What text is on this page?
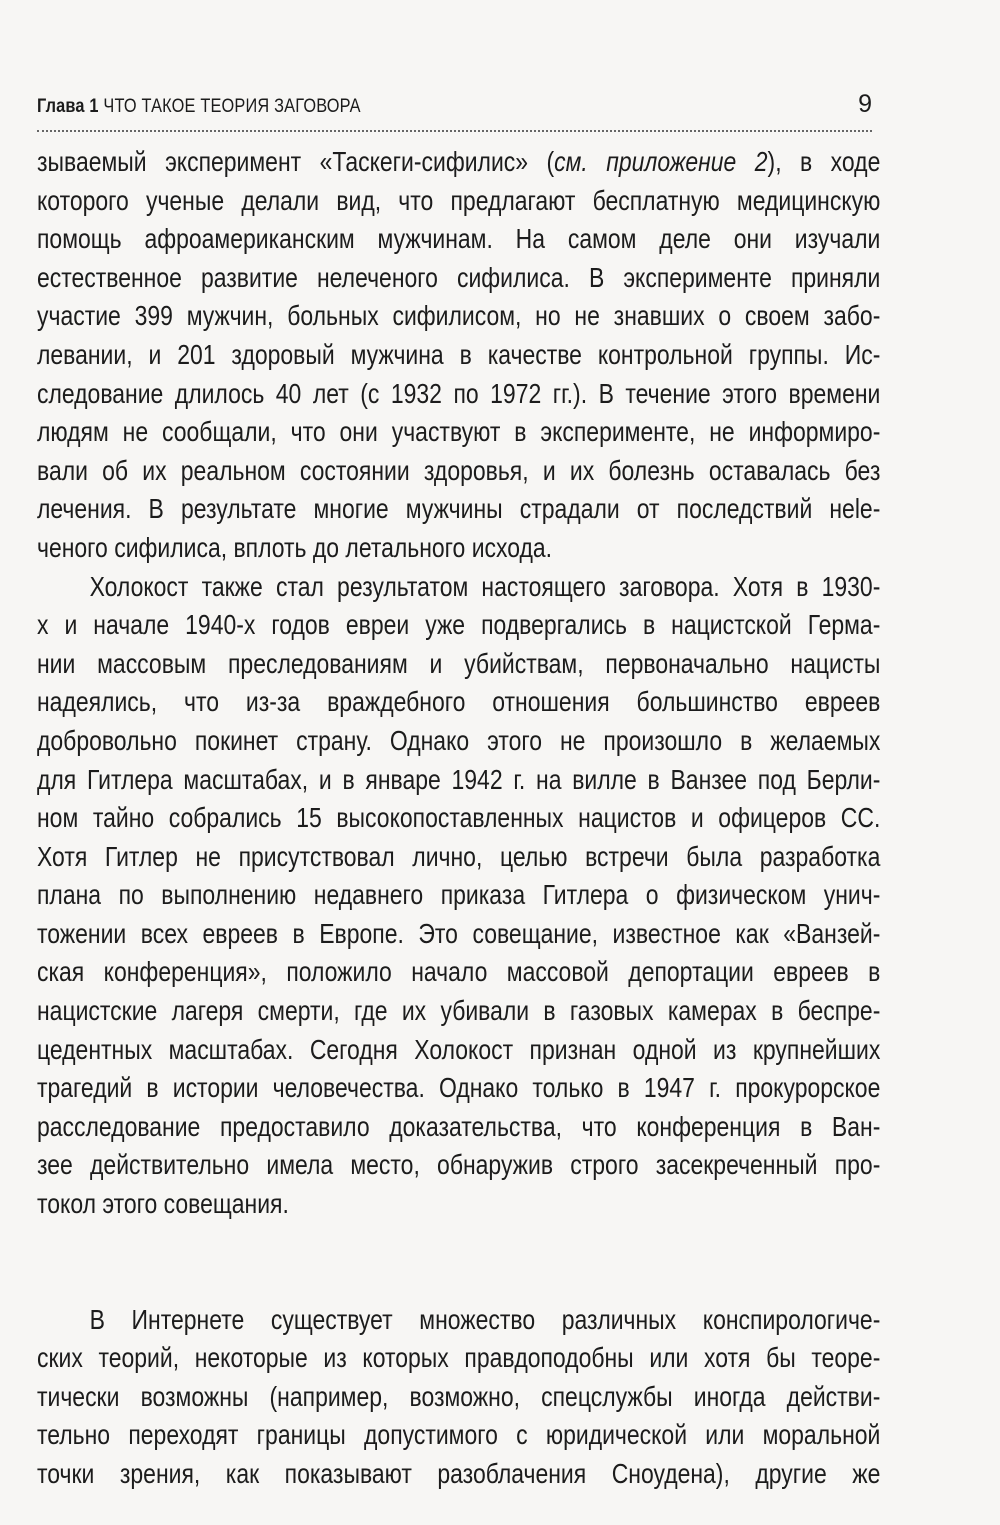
Глава 1 ЧТО ТАКОЕ ТЕОРИЯ ЗАГОВОРА	9
зываемый эксперимент «Таскеги-сифилис» (см. приложение 2), в ходе
которого ученые делали вид, что предлагают бесплатную медицинскую
помощь афроамериканским мужчинам. На самом деле они изучали
естественное развитие нелеченого сифилиса. В эксперименте приняли
участие 399 мужчин, больных сифилисом, но не знавших о своем забо-
левании, и 201 здоровый мужчина в качестве контрольной группы. Ис-
следование длилось 40 лет (с 1932 по 1972 гг.). В течение этого времени
людям не сообщали, что они участвуют в эксперименте, не информиро-
вали об их реальном состоянии здоровья, и их болезнь оставалась без
лечения. В результате многие мужчины страдали от последствий нele-
ченого сифилиса, вплоть до летального исхода.
Холокост также стал результатом настоящего заговора. Хотя в 1930-
х и начале 1940-х годов евреи уже подвергались в нацистской Герма-
нии массовым преследованиям и убийствам, первоначально нацисты
надеялись, что из-за враждебного отношения большинство евреев
добровольно покинет страну. Однако этого не произошло в желаемых
для Гитлера масштабах, и в январе 1942 г. на вилле в Ванзее под Берли-
ном тайно собрались 15 высокопоставленных нацистов и офицеров СС.
Хотя Гитлер не присутствовал лично, целью встречи была разработка
плана по выполнению недавнего приказа Гитлера о физическом унич-
тожении всех евреев в Европе. Это совещание, известное как «Ванзей-
ская конференция», положило начало массовой депортации евреев в
нацистские лагеря смерти, где их убивали в газовых камерах в беспре-
цедентных масштабах. Сегодня Холокост признан одной из крупнейших
трагедий в истории человечества. Однако только в 1947 г. прокурорское
расследование предоставило доказательства, что конференция в Ван-
зее действительно имела место, обнаружив строго засекреченный про-
токол этого совещания.
В Интернете существует множество различных конспирологиче-
ских теорий, некоторые из которых правдоподобны или хотя бы теоре-
тически возможны (например, возможно, спецслужбы иногда действи-
тельно переходят границы допустимого с юридической или моральной
точки зрения, как показывают разоблачения Сноудена), другие же
